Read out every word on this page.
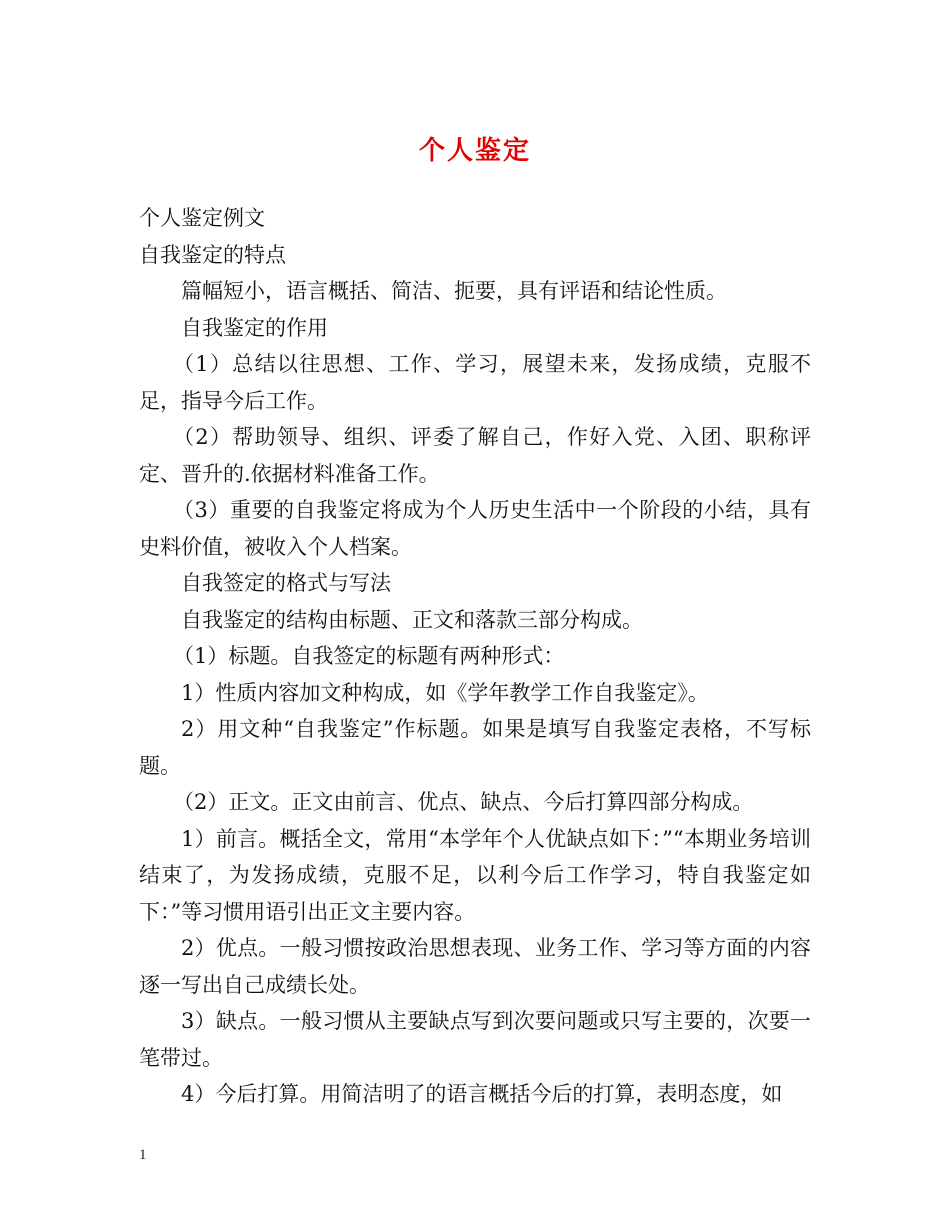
个人鉴定

个人鉴定例文

自我鉴定的特点

篇幅短小，语言概括、简洁、扼要，具有评语和结论性质。

自我鉴定的作用

（1）总结以往思想、工作、学习，展望未来，发扬成绩，克服不足，指导今后工作。

（2）帮助领导、组织、评委了解自己，作好入党、入团、职称评定、晋升的.依据材料准备工作。

（3）重要的自我鉴定将成为个人历史生活中一个阶段的小结，具有史料价值，被收入个人档案。

自我签定的格式与写法

自我鉴定的结构由标题、正文和落款三部分构成。

（1）标题。自我签定的标题有两种形式：

1）性质内容加文种构成，如《学年教学工作自我鉴定》。

2）用文种“自我鉴定”作标题。如果是填写自我鉴定表格，不写标题。

（2）正文。正文由前言、优点、缺点、今后打算四部分构成。

1）前言。概括全文，常用“本学年个人优缺点如下：”“本期业务培训结束了，为发扬成绩，克服不足，以利今后工作学习，特自我鉴定如下：”等习惯用语引出正文主要内容。

2）优点。一般习惯按政治思想表现、业务工作、学习等方面的内容逐一写出自己成绩长处。

3）缺点。一般习惯从主要缺点写到次要问题或只写主要的，次要一笔带过。

4）今后打算。用简洁明了的语言概括今后的打算，表明态度，如

1
